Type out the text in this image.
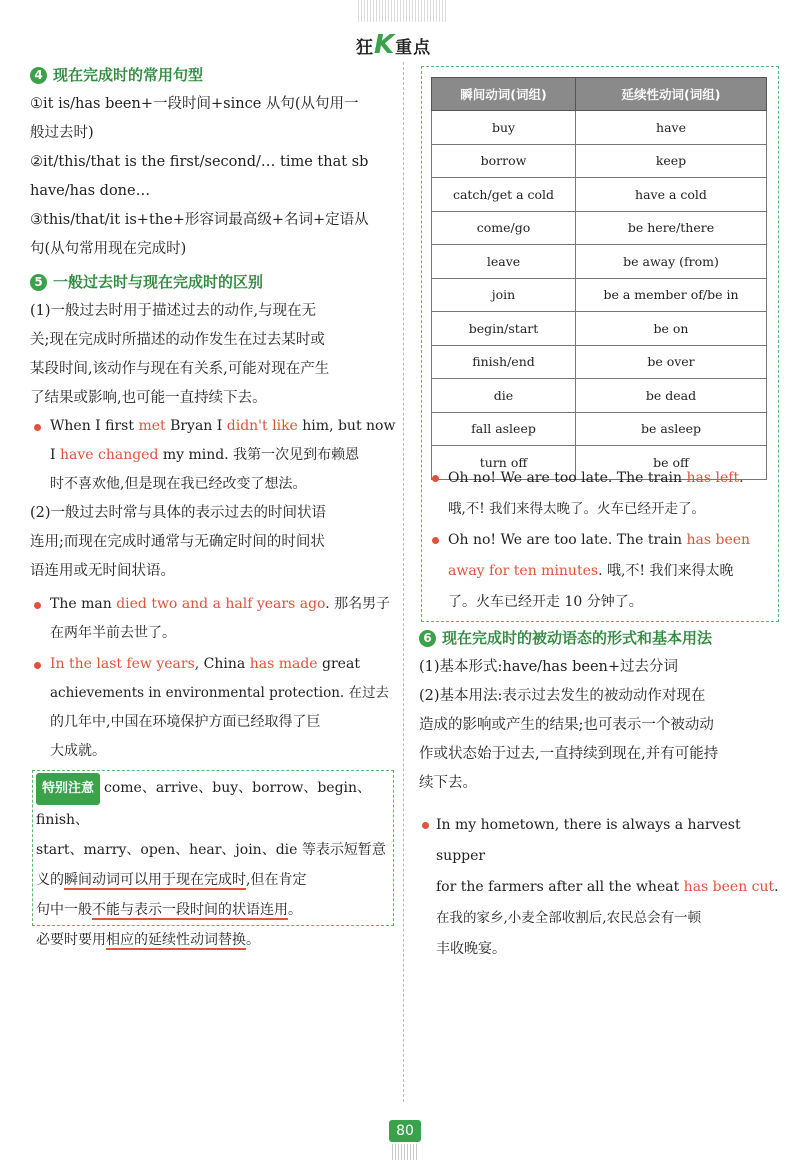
狂K重点
4 现在完成时的常用句型
①it is/has been+一段时间+since 从句(从句用一
般过去时)
②it/this/that is the first/second/… time that sb
have/has done…
③this/that/it is+the+形容词最高级+名词+定语从
句(从句常用现在完成时)
5 一般过去时与现在完成时的区别
(1)一般过去时用于描述过去的动作,与现在无
关;现在完成时所描述的动作发生在过去某时或
某段时间,该动作与现在有关系,可能对现在产生
了结果或影响,也可能一直持续下去。
When I first met Bryan I didn't like him, but now
I have changed my mind. 我第一次见到布赖恩
时不喜欢他,但是现在我已经改变了想法。
(2)一般过去时常与具体的表示过去的时间状语
连用;而现在完成时通常与无确定时间的时间状
语连用或无时间状语。
The man died two and a half years ago. 那名男子
在两年半前去世了。
In the last few years, China has made great
achievements in environmental protection. 在过去
的几年中,中国在环境保护方面已经取得了巨
大成就。
特别注意 come、arrive、buy、borrow、begin、finish、
start、marry、open、hear、join、die 等表示短暂意
义的瞬间动词可以用于现在完成时,但在肯定
句中一般不能与表示一段时间的状语连用。
必要时要用相应的延续性动词替换。
瞬间动词(词组)	延续性动词(词组)
buy	have
borrow	keep
catch/get a cold	have a cold
come/go	be here/there
leave	be away (from)
join	be a member of/be in
begin/start	be on
finish/end	be over
die	be dead
fall asleep	be asleep
turn off	be off
Oh no! We are too late. The train has left.
哦,不! 我们来得太晚了。火车已经开走了。
Oh no! We are too late. The train has been
away for ten minutes. 哦,不! 我们来得太晚
了。火车已经开走 10 分钟了。
6 现在完成时的被动语态的形式和基本用法
(1)基本形式:have/has been+过去分词
(2)基本用法:表示过去发生的被动动作对现在
造成的影响或产生的结果;也可表示一个被动动
作或状态始于过去,一直持续到现在,并有可能持
续下去。
In my hometown, there is always a harvest supper
for the farmers after all the wheat has been cut.
在我的家乡,小麦全部收割后,农民总会有一顿
丰收晚宴。
80
